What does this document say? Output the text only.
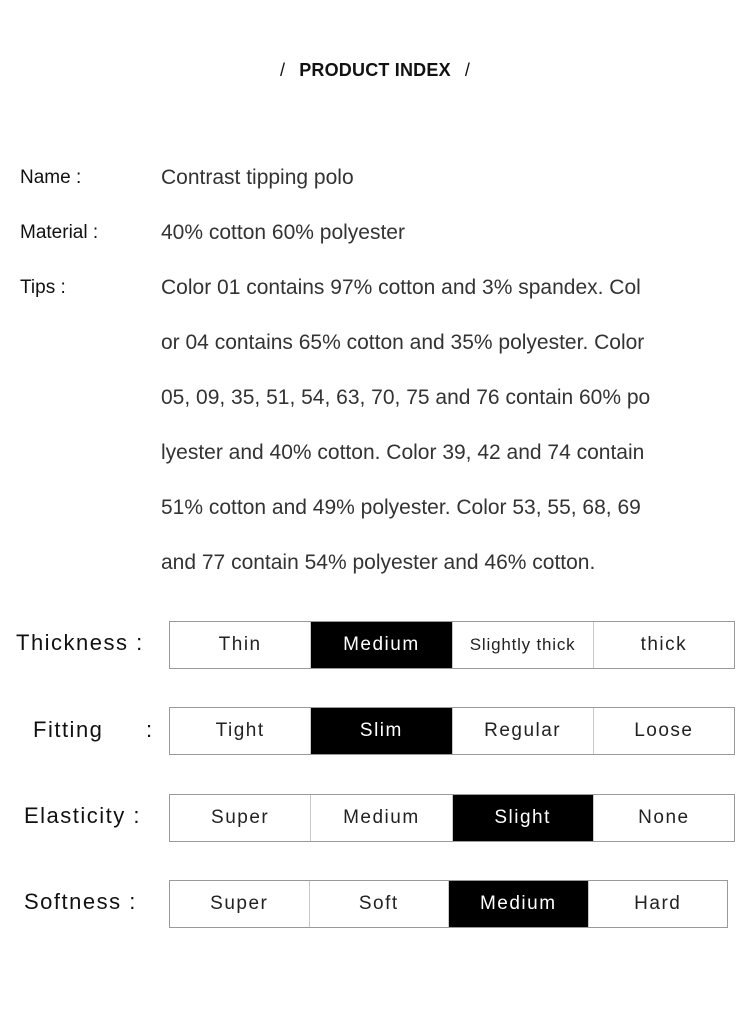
/ PRODUCT INDEX /
Name :	Contrast tipping polo
Material :	40% cotton 60% polyester
Tips :	Color 01 contains 97% cotton and 3% spandex. Col
or 04 contains 65% cotton and 35% polyester. Color
05, 09, 35, 51, 54, 63, 70, 75 and 76 contain 60% po
lyester and 40% cotton. Color 39, 42 and 74 contain
51% cotton and 49% polyester. Color 53, 55, 68, 69
and 77 contain 54% polyester and 46% cotton.
Thickness :	Thin	Medium	Slightly thick	thick
Fitting :	Tight	Slim	Regular	Loose
Elasticity :	Super	Medium	Slight	None
Softness :	Super	Soft	Medium	Hard
